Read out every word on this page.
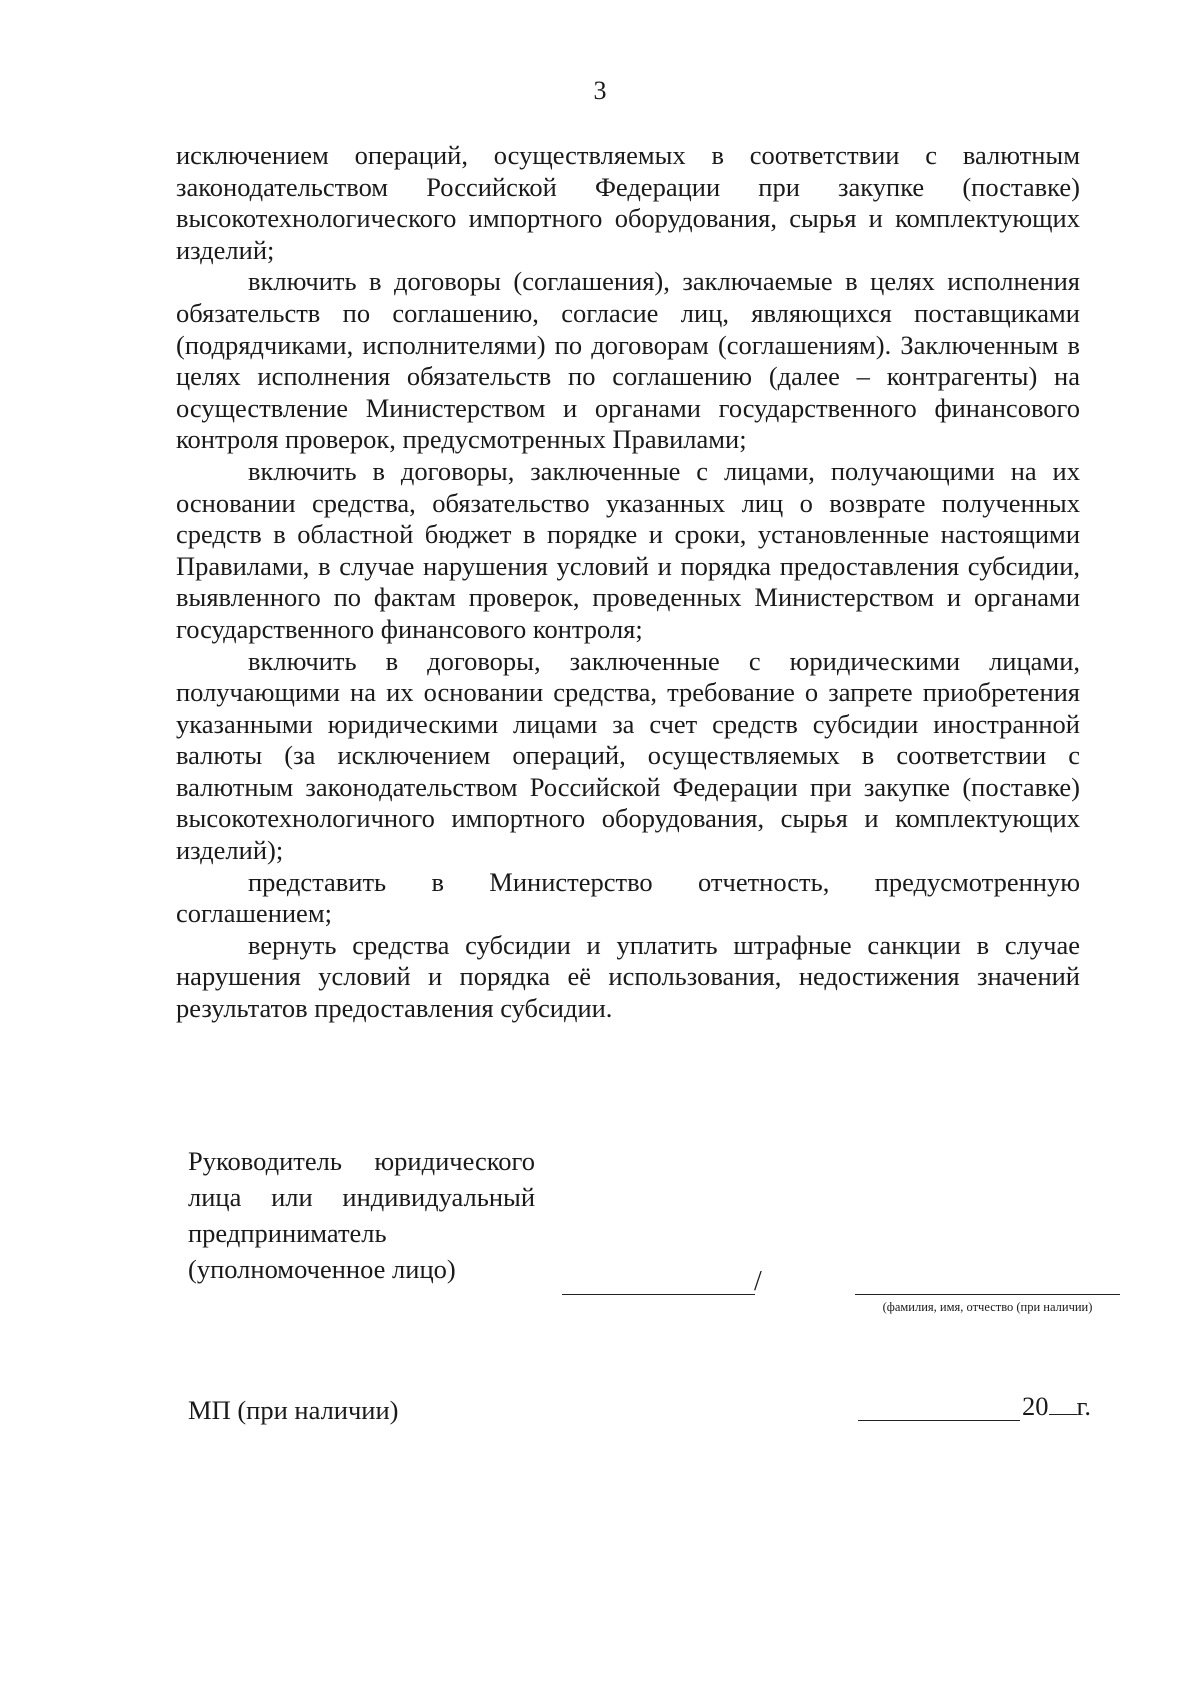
3

исключением операций, осуществляемых в соответствии с валютным законодательством Российской Федерации при закупке (поставке) высокотехнологического импортного оборудования, сырья и комплектующих изделий;

включить в договоры (соглашения), заключаемые в целях исполнения обязательств по соглашению, согласие лиц, являющихся поставщиками (подрядчиками, исполнителями) по договорам (соглашениям). Заключенным в целях исполнения обязательств по соглашению (далее – контрагенты) на осуществление Министерством и органами государственного финансового контроля проверок, предусмотренных Правилами;

включить в договоры, заключенные с лицами, получающими на их основании средства, обязательство указанных лиц о возврате полученных средств в областной бюджет в порядке и сроки, установленные настоящими Правилами, в случае нарушения условий и порядка предоставления субсидии, выявленного по фактам проверок, проведенных Министерством и органами государственного финансового контроля;

включить в договоры, заключенные с юридическими лицами, получающими на их основании средства, требование о запрете приобретения указанными юридическими лицами за счет средств субсидии иностранной валюты (за исключением операций, осуществляемых в соответствии с валютным законодательством Российской Федерации при закупке (поставке) высокотехнологичного импортного оборудования, сырья и комплектующих изделий);

представить в Министерство отчетность, предусмотренную соглашением;

вернуть средства субсидии и уплатить штрафные санкции в случае нарушения условий и порядка её использования, недостижения значений результатов предоставления субсидии.

Руководитель юридического
лица или индивидуальный
предприниматель
(уполномоченное лицо)	/
(фамилия, имя, отчество (при наличии)
МП (при наличии)	20 г.
